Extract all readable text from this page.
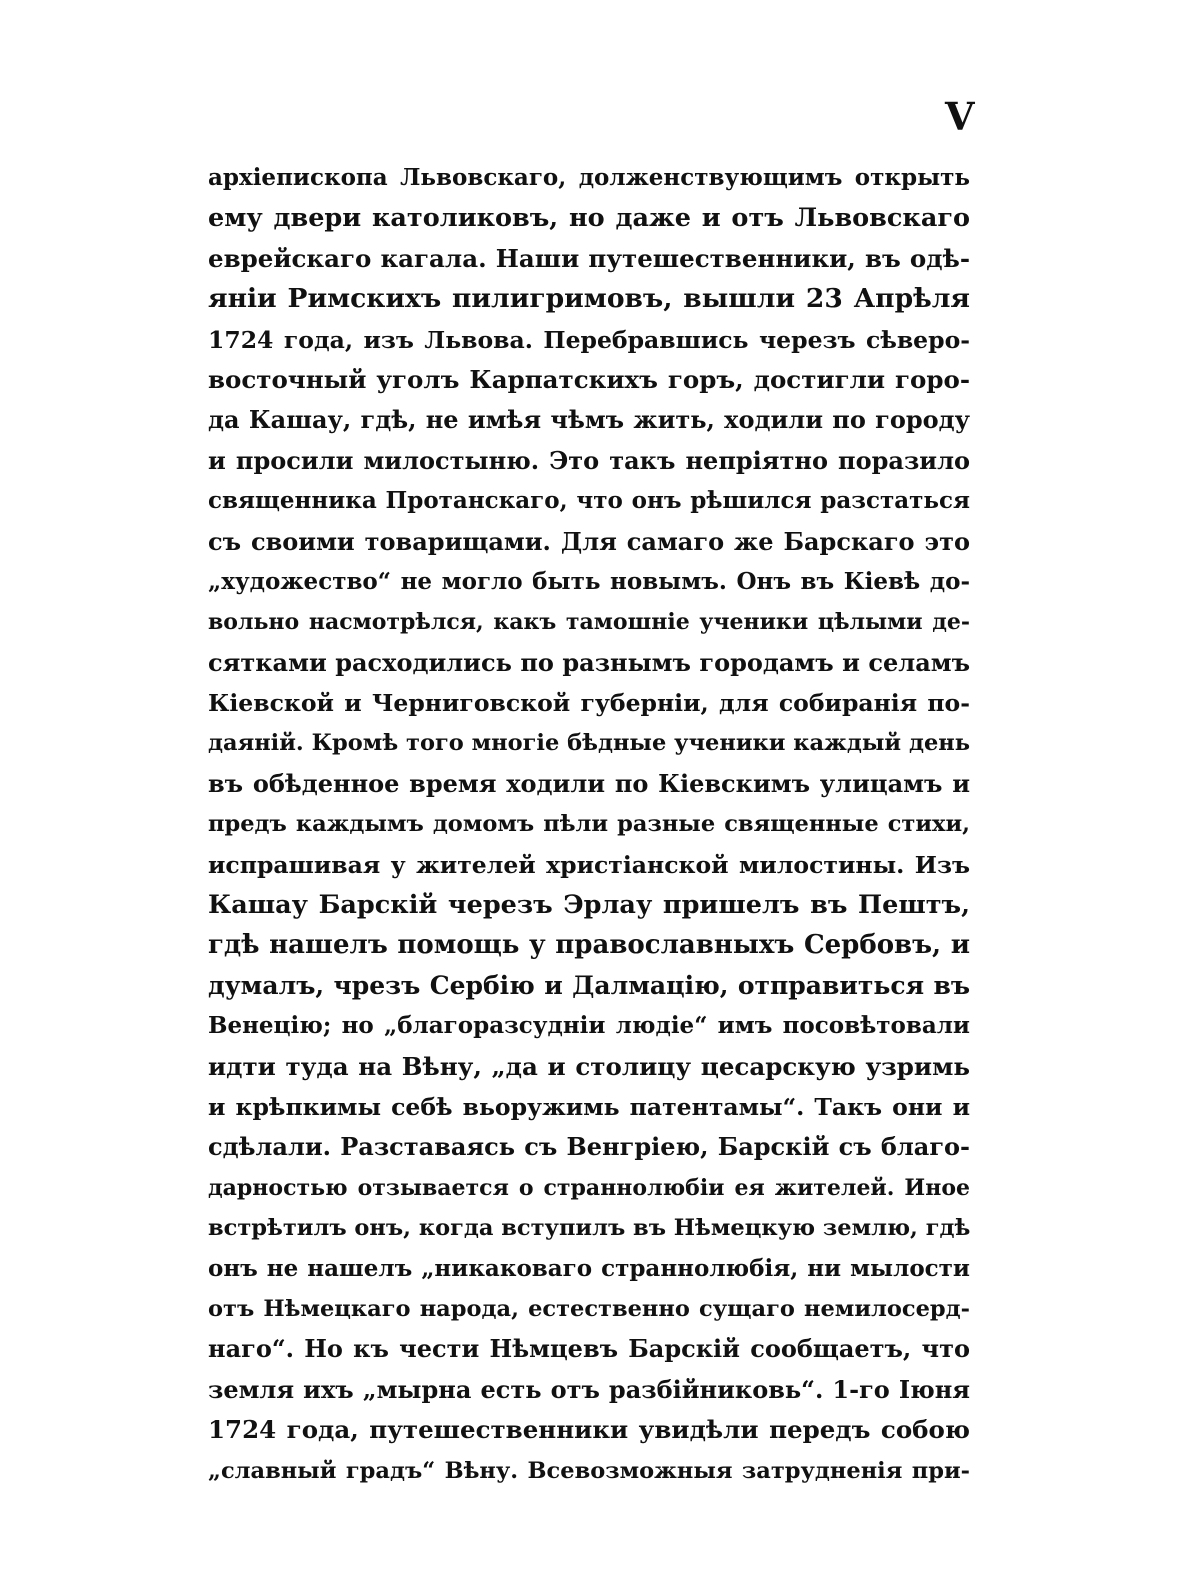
V
архіепископа Львовскаго, долженствующимъ открыть
ему двери католиковъ, но даже и отъ Львовскаго
еврейскаго кагала. Наши путешественники, въ одѣ-
яніи Римскихъ пилигримовъ, вышли 23 Апрѣля
1724 года, изъ Львова. Перебравшись черезъ сѣверо-
восточный уголъ Карпатскихъ горъ, достигли горо-
да Кашау, гдѣ, не имѣя чѣмъ жить, ходили по городу
и просили милостыню. Это такъ непріятно поразило
священника Протанскаго, что онъ рѣшился разстаться
съ своими товарищами. Для самаго же Барскаго это
„художество“ не могло быть новымъ. Онъ въ Кіевѣ до-
вольно насмотрѣлся, какъ тамошніе ученики цѣлыми де-
сятками расходились по разнымъ городамъ и селамъ
Кіевской и Черниговской губерніи, для собиранія по-
даяній. Кромѣ того многіе бѣдные ученики каждый день
въ обѣденное время ходили по Кіевскимъ улицамъ и
предъ каждымъ домомъ пѣли разные священные стихи,
испрашивая у жителей христіанской милостины. Изъ
Кашау Барскій черезъ Эрлау пришелъ въ Пештъ,
гдѣ нашелъ помощь у православныхъ Сербовъ, и
думалъ, чрезъ Сербію и Далмацію, отправиться въ
Венецію; но „благоразсудніи людіе“ имъ посовѣтовали
идти туда на Вѣну, „да и столицу цесарскую узримь
и крѣпкимы себѣ вьоружимь патентамы“. Такъ они и
сдѣлали. Разставаясь съ Венгріею, Барскій съ благо-
дарностью отзывается о страннолюбіи ея жителей. Иное
встрѣтилъ онъ, когда вступилъ въ Нѣмецкую землю, гдѣ
онъ не нашелъ „никаковаго страннолюбія, ни мылости
отъ Нѣмецкаго народа, естественно сущаго немилосерд-
наго“. Но къ чести Нѣмцевъ Барскій сообщаетъ, что
земля ихъ „мырна есть отъ разбійниковь“. 1-го Іюня
1724 года, путешественники увидѣли передъ собою
„славный градъ“ Вѣну. Всевозможныя затрудненія при-
